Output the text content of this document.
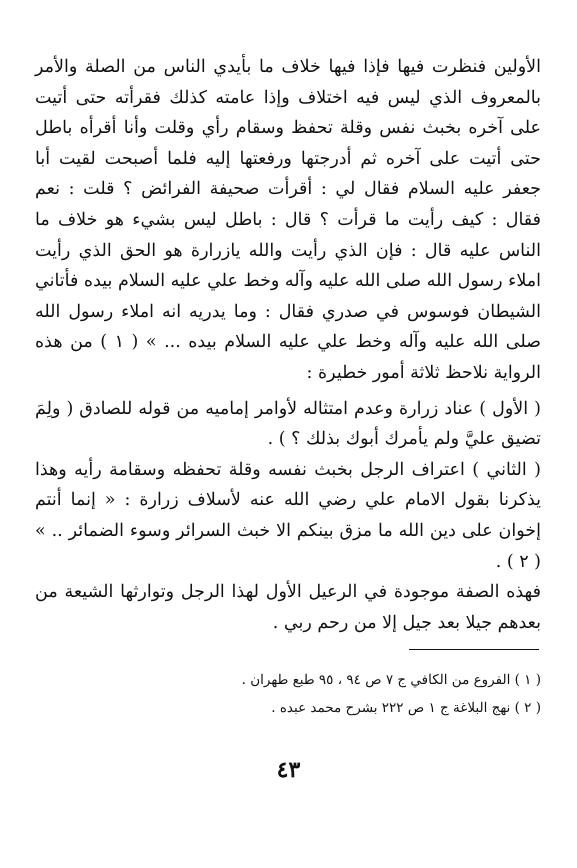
الأولين فنظرت فيها فإذا فيها خلاف ما بأيدي الناس من الصلة والأمر بالمعروف الذي ليس فيه اختلاف وإذا عامته كذلك فقرأته حتى أتيت على آخره بخبث نفس وقلة تحفظ وسقام رأي وقلت وأنا أقرأه باطل حتى أتيت على آخره ثم أدرجتها ورفعتها إليه فلما أصبحت لقيت أبا جعفر عليه السلام فقال لي : أقرأت صحيفة الفرائض ؟ قلت : نعم فقال : كيف رأيت ما قرأت ؟ قال : باطل ليس بشيء هو خلاف ما الناس عليه قال : فإن الذي رأيت والله يازرارة هو الحق الذي رأيت املاء رسول الله صلى الله عليه وآله وخط علي عليه السلام بيده فأتاني الشيطان فوسوس في صدري فقال : وما يدريه انه املاء رسول الله صلى الله عليه وآله وخط علي عليه السلام بيده ... » ( ١ ) من هذه الرواية نلاحظ ثلاثة أمور خطيرة :

( الأول ) عناد زرارة وعدم امتثاله لأوامر إماميه من قوله للصادق ( ولِمَ تضيق عليَّ ولم يأمرك أبوك بذلك ؟ ) .

( الثاني ) اعتراف الرجل بخبث نفسه وقلة تحفظه وسقامة رأيه وهذا يذكرنا بقول الامام علي رضي الله عنه لأسلاف زرارة : « إنما أنتم إخوان على دين الله ما مزق بينكم الا خبث السرائر وسوء الضمائر .. » ( ٢ ) .

فهذه الصفة موجودة في الرعيل الأول لهذا الرجل وتوارثها الشيعة من بعدهم جيلا بعد جيل إلا من رحم ربي .

( ١ ) الفروع من الكافي ج ٧ ص ٩٤ ، ٩٥ طبع طهران .

( ٢ ) نهج البلاغة ج ١ ص ٢٢٢ بشرح محمد عبده .

٤٣
